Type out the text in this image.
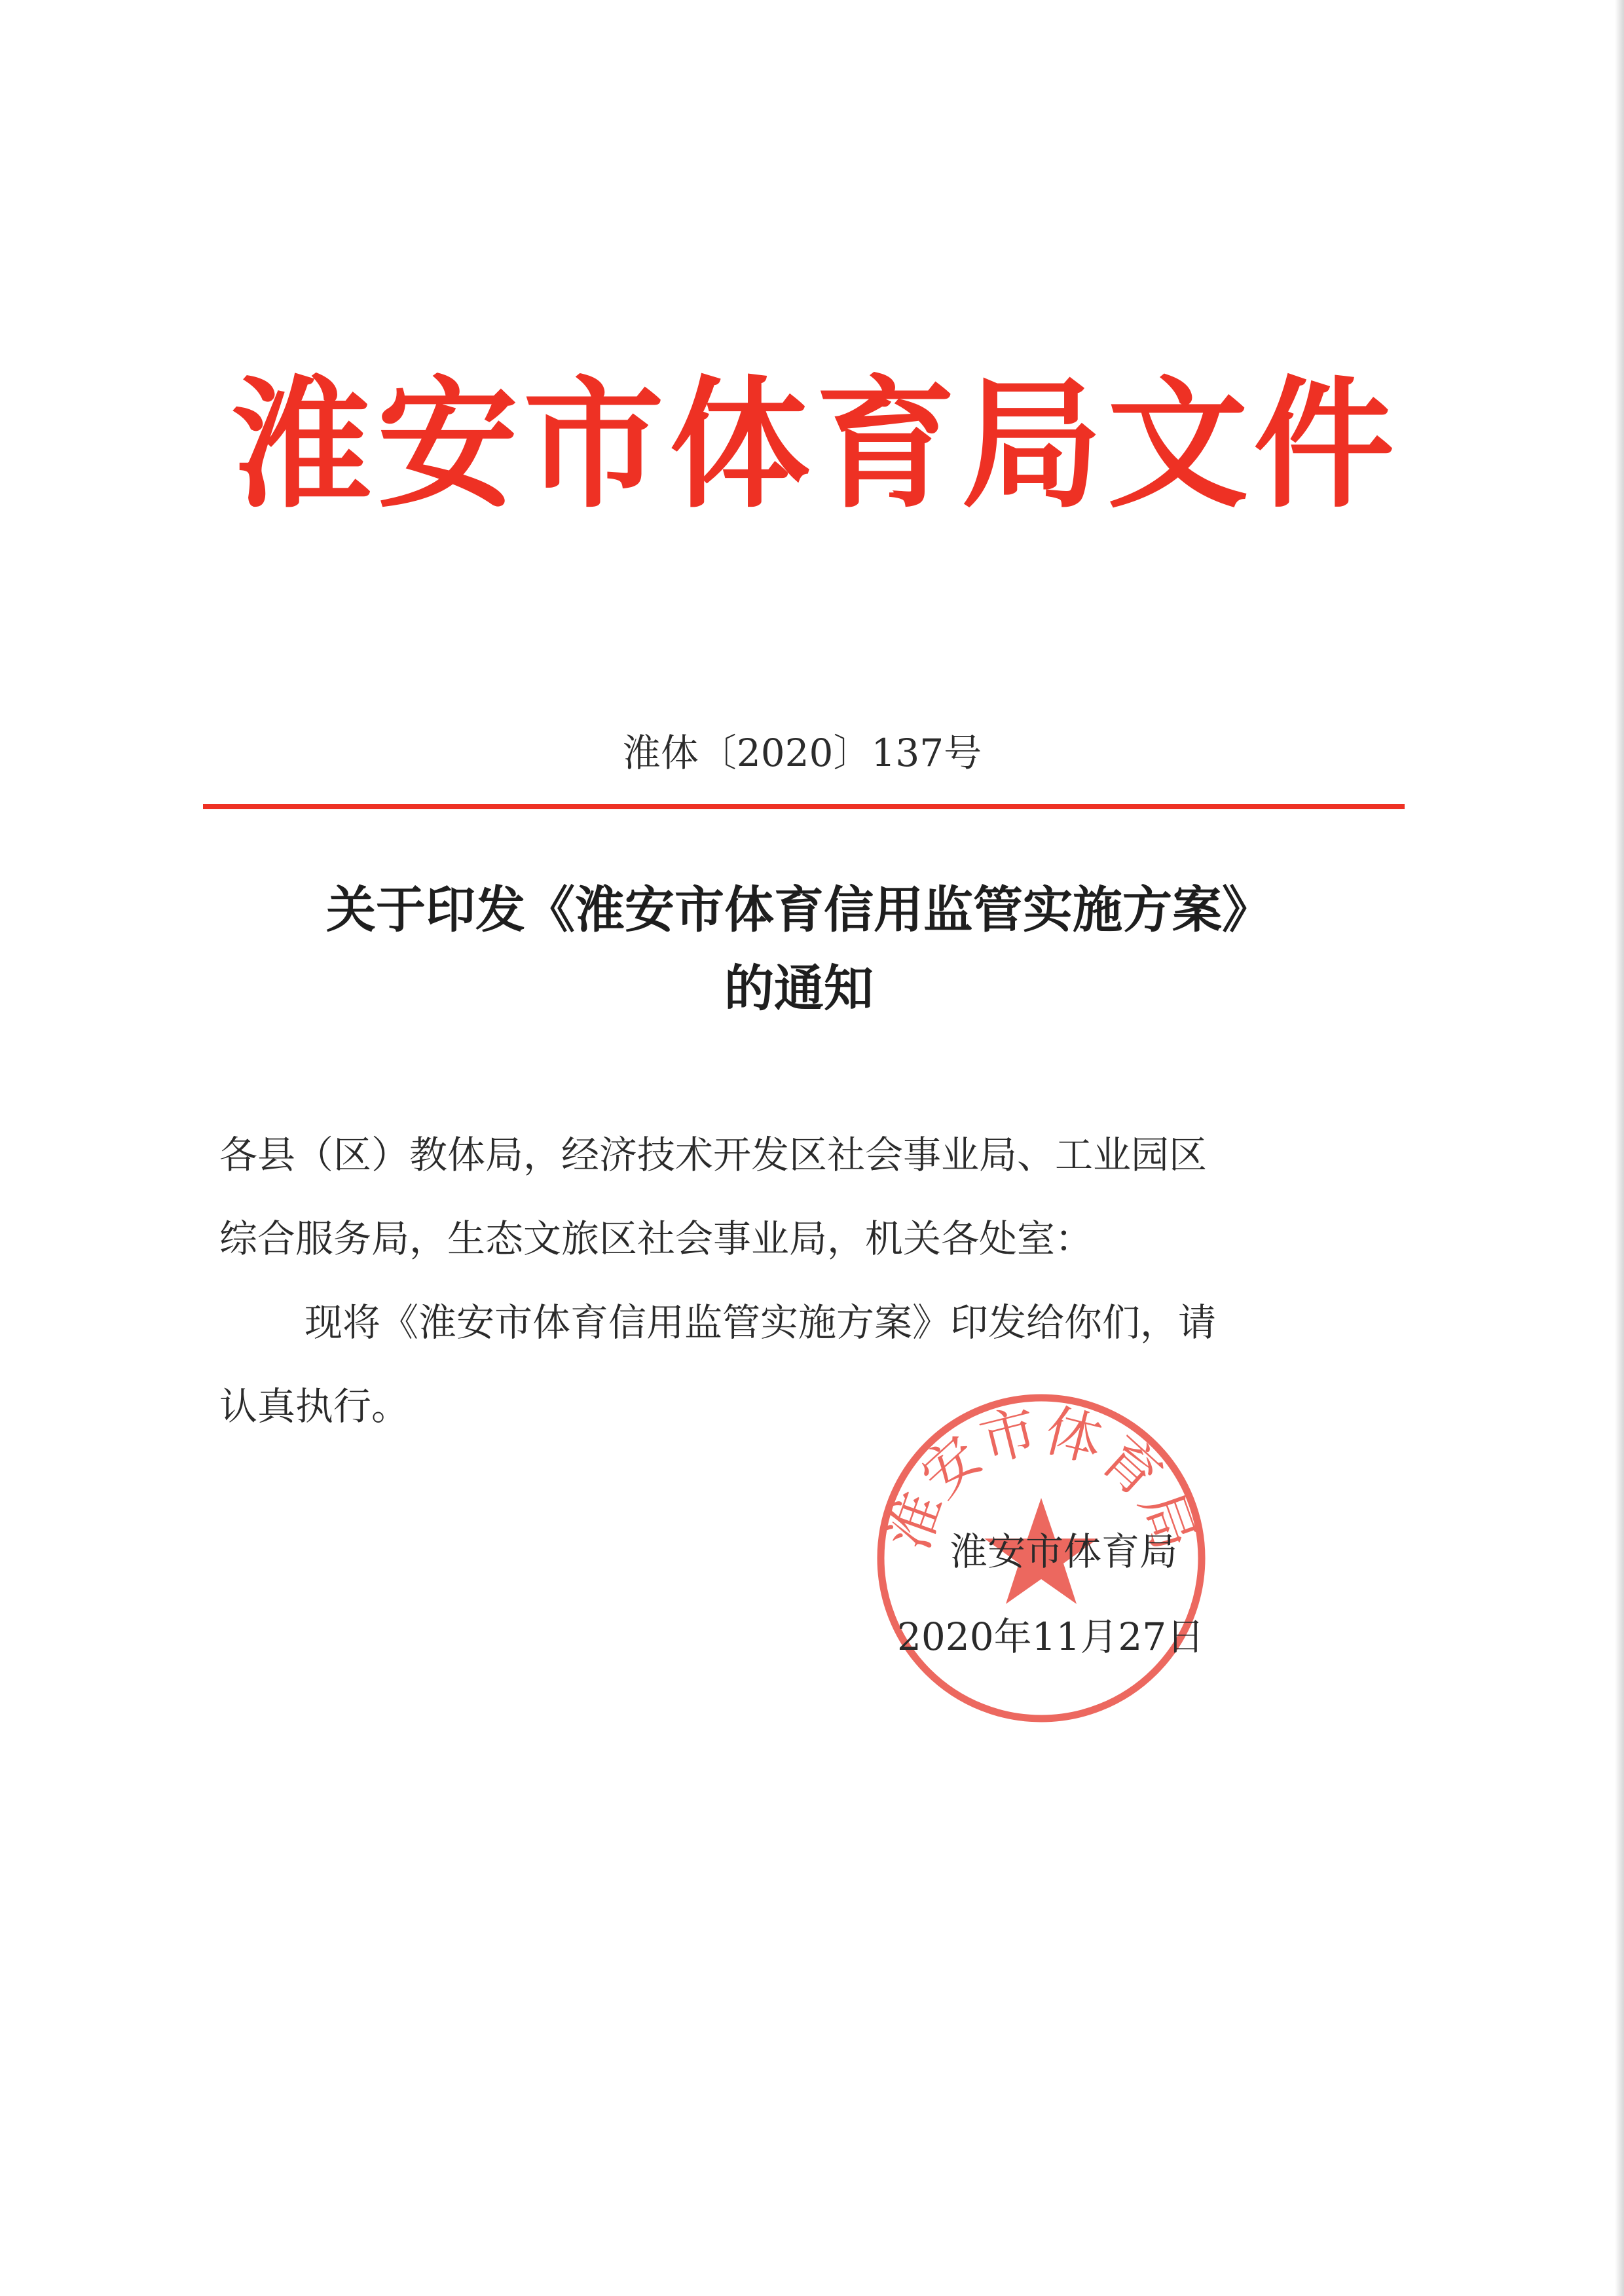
淮安市体育局文件
淮体〔2020〕137号
关于印发《淮安市体育信用监管实施方案》
的通知
各县（区）教体局，经济技术开发区社会事业局、工业园区
综合服务局，生态文旅区社会事业局，机关各处室：
现将《淮安市体育信用监管实施方案》印发给你们，请
认真执行。
淮安市体育局
淮安市体育局
2020年11月27日
